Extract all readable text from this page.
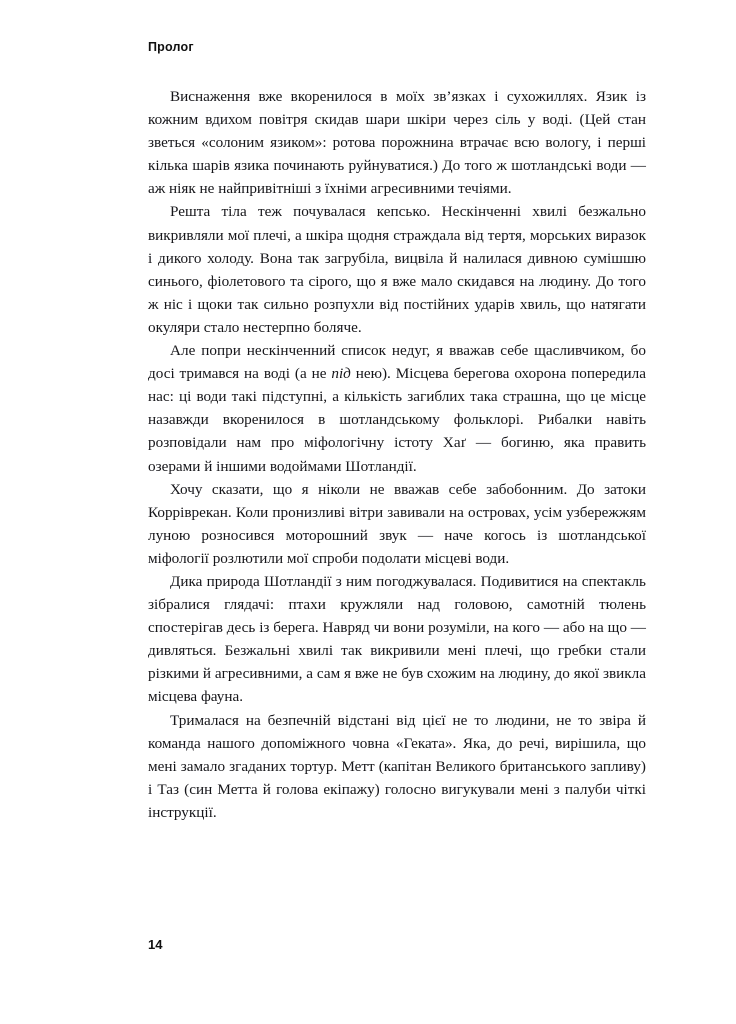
Пролог

Виснаження вже вкоренилося в моїх зв’язках і сухожиллях. Язик із кожним вдихом повітря скидав шари шкіри через сіль у воді. (Цей стан зветься «солоним язиком»: ротова порожнина втрачає всю вологу, і перші кілька шарів язика починають руйнуватися.) До того ж шотландські води — аж ніяк не найпривітніші з їхніми агресивними течіями.

Решта тіла теж почувалася кепсько. Нескінченні хвилі безжально викривляли мої плечі, а шкіра щодня страждала від тертя, морських виразок і дикого холоду. Вона так загрубіла, вицвіла й налилася дивною сумішшю синього, фіолетового та сірого, що я вже мало скидався на людину. До того ж ніс і щоки так сильно розпухли від постійних ударів хвиль, що натягати окуляри стало нестерпно боляче.

Але попри нескінченний список недуг, я вважав себе щасливчиком, бо досі тримався на воді (а не під нею). Місцева берегова охорона попередила нас: ці води такі підступні, а кількість загиблих така страшна, що це місце назавжди вкоренилося в шотландському фольклорі. Рибалки навіть розповідали нам про міфологічну істоту Хаґ — богиню, яка править озерами й іншими водоймами Шотландії.

Хочу сказати, що я ніколи не вважав себе забобонним. До затоки Корріврекан. Коли пронизливі вітри завивали на островах, усім узбережжям луною розносився моторошний звук — наче когось із шотландської міфології розлютили мої спроби подолати місцеві води.

Дика природа Шотландії з ним погоджувалася. Подивитися на спектакль зібралися глядачі: птахи кружляли над головою, самотній тюлень спостерігав десь із берега. Навряд чи вони розуміли, на кого — або на що — дивляться. Безжальні хвилі так викривили мені плечі, що гребки стали різкими й агресивними, а сам я вже не був схожим на людину, до якої звикла місцева фауна.

Трималася на безпечній відстані від цієї не то людини, не то звіра й команда нашого допоміжного човна «Геката». Яка, до речі, вирішила, що мені замало згаданих тортур. Метт (капітан Великого британського запливу) і Таз (син Метта й голова екіпажу) голосно вигукували мені з палуби чіткі інструкції.

14
